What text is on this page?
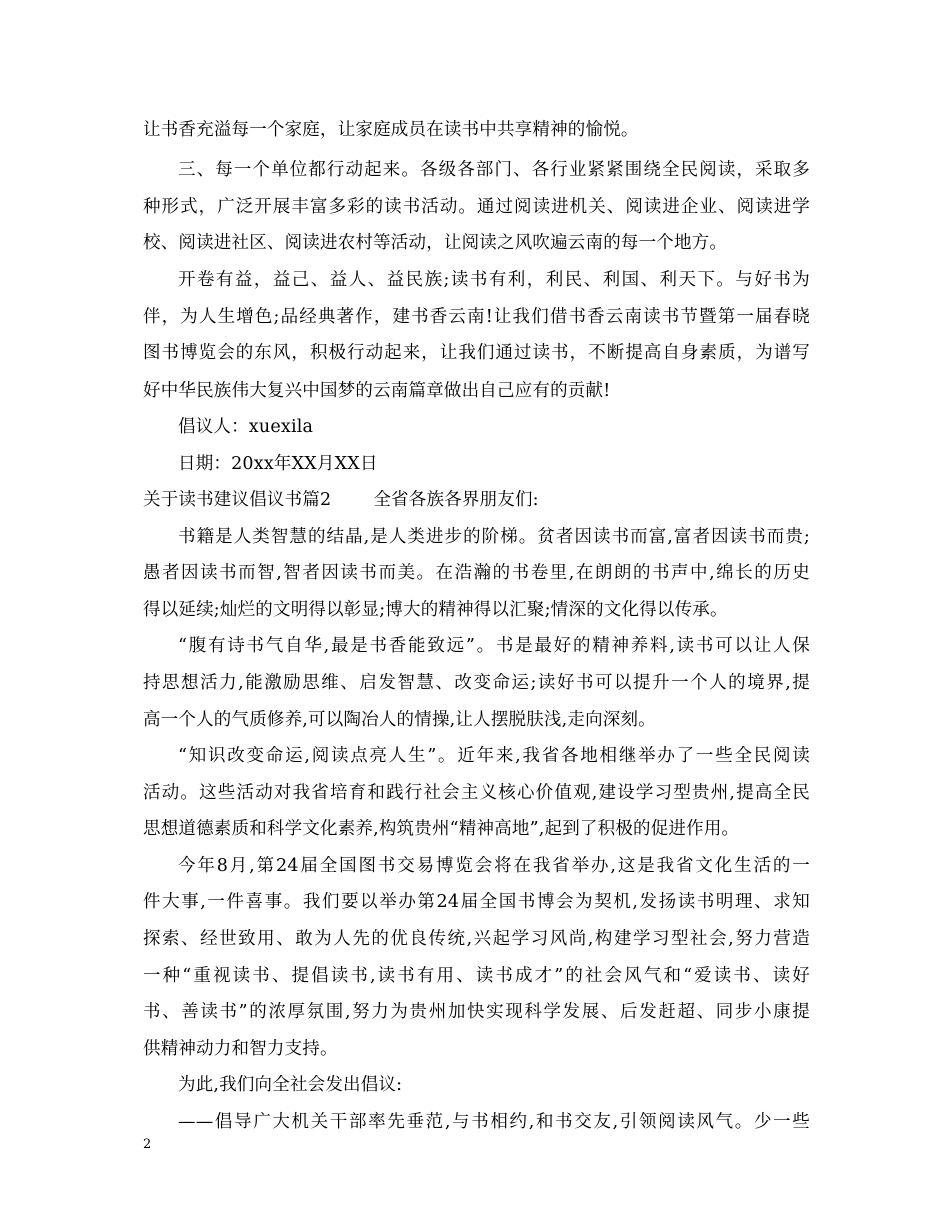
让书香充溢每一个家庭，让家庭成员在读书中共享精神的愉悦。
三、每一个单位都行动起来。各级各部门、各行业紧紧围绕全民阅读，采取多
种形式，广泛开展丰富多彩的读书活动。通过阅读进机关、阅读进企业、阅读进学
校、阅读进社区、阅读进农村等活动，让阅读之风吹遍云南的每一个地方。
开卷有益，益己、益人、益民族;读书有利，利民、利国、利天下。与好书为
伴，为人生增色;品经典著作，建书香云南!让我们借书香云南读书节暨第一届春晓
图书博览会的东风，积极行动起来，让我们通过读书，不断提高自身素质，为谱写
好中华民族伟大复兴中国梦的云南篇章做出自己应有的贡献!
倡议人：xuexila
日期：20xx年XX月XX日
关于读书建议倡议书篇2 全省各族各界朋友们:
书籍是人类智慧的结晶,是人类进步的阶梯。贫者因读书而富,富者因读书而贵;
愚者因读书而智,智者因读书而美。在浩瀚的书卷里,在朗朗的书声中,绵长的历史
得以延续;灿烂的文明得以彰显;博大的精神得以汇聚;情深的文化得以传承。
“腹有诗书气自华,最是书香能致远”。书是最好的精神养料,读书可以让人保
持思想活力,能激励思维、启发智慧、改变命运;读好书可以提升一个人的境界,提
高一个人的气质修养,可以陶冶人的情操,让人摆脱肤浅,走向深刻。
“知识改变命运,阅读点亮人生”。近年来,我省各地相继举办了一些全民阅读
活动。这些活动对我省培育和践行社会主义核心价值观,建设学习型贵州,提高全民
思想道德素质和科学文化素养,构筑贵州“精神高地”,起到了积极的促进作用。
今年8月,第24届全国图书交易博览会将在我省举办,这是我省文化生活的一
件大事,一件喜事。我们要以举办第24届全国书博会为契机,发扬读书明理、求知
探索、经世致用、敢为人先的优良传统,兴起学习风尚,构建学习型社会,努力营造
一种“重视读书、提倡读书,读书有用、读书成才”的社会风气和“爱读书、读好
书、善读书”的浓厚氛围,努力为贵州加快实现科学发展、后发赶超、同步小康提
供精神动力和智力支持。
为此,我们向全社会发出倡议:
——倡导广大机关干部率先垂范,与书相约,和书交友,引领阅读风气。少一些
2
